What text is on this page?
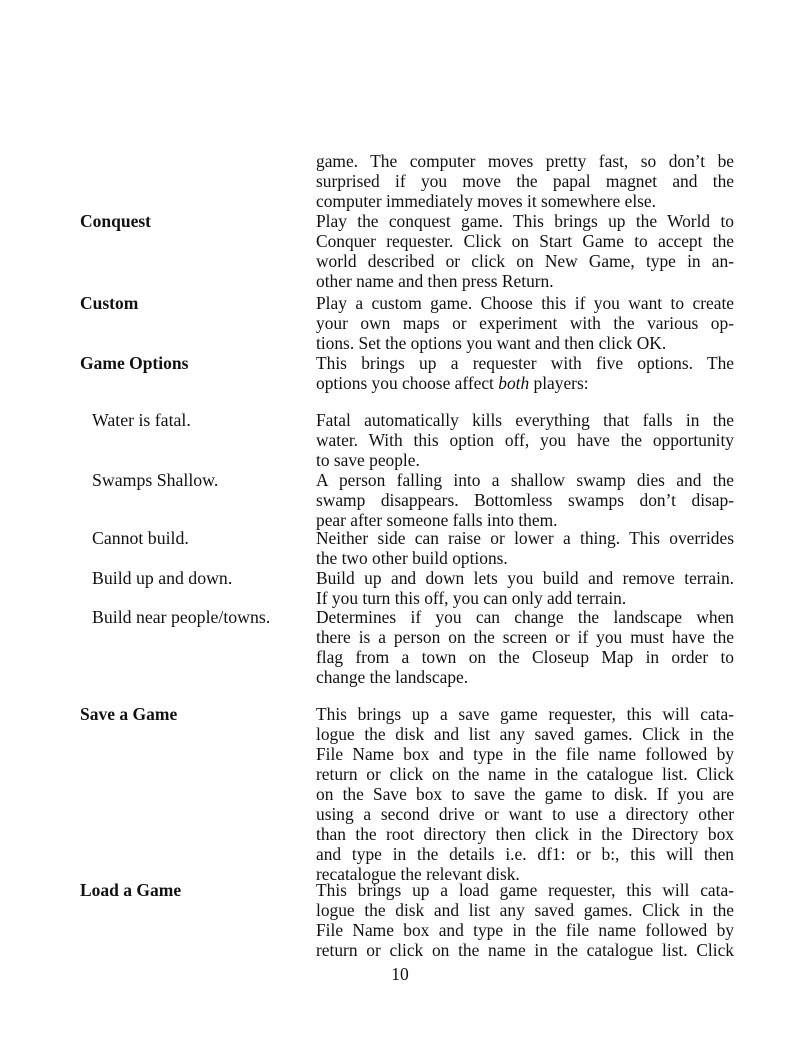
game. The computer moves pretty fast, so don’t be
surprised if you move the papal magnet and the
computer immediately moves it somewhere else.
Conquest	Play the conquest game. This brings up the World to
Conquer requester. Click on Start Game to accept the
world described or click on New Game, type in an-
other name and then press Return.
Custom	Play a custom game. Choose this if you want to create
your own maps or experiment with the various op-
tions. Set the options you want and then click OK.
Game Options	This brings up a requester with five options. The
options you choose affect both players:
Water is fatal.	Fatal automatically kills everything that falls in the
water. With this option off, you have the opportunity
to save people.
Swamps Shallow.	A person falling into a shallow swamp dies and the
swamp disappears. Bottomless swamps don’t disap-
pear after someone falls into them.
Cannot build.	Neither side can raise or lower a thing. This overrides
the two other build options.
Build up and down.	Build up and down lets you build and remove terrain.
If you turn this off, you can only add terrain.
Build near people/towns.	Determines if you can change the landscape when
there is a person on the screen or if you must have the
flag from a town on the Closeup Map in order to
change the landscape.
Save a Game	This brings up a save game requester, this will cata-
logue the disk and list any saved games. Click in the
File Name box and type in the file name followed by
return or click on the name in the catalogue list. Click
on the Save box to save the game to disk. If you are
using a second drive or want to use a directory other
than the root directory then click in the Directory box
and type in the details i.e. df1: or b:, this will then
recatalogue the relevant disk.
Load a Game	This brings up a load game requester, this will cata-
logue the disk and list any saved games. Click in the
File Name box and type in the file name followed by
return or click on the name in the catalogue list. Click
10
